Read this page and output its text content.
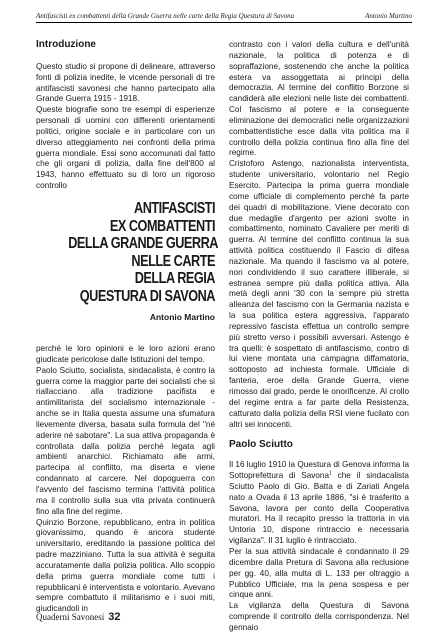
Antifascisti ex combattenti della Grande Guerra nelle carte della Regia Questura di Savona	Antonio Martino

Introduzione

Questo studio si propone di delineare, attraverso fonti di polizia inedite, le vicende personali di tre antifascisti savonesi che hanno partecipato alla Grande Guerra 1915 - 1918.

Queste biografie sono tre esempi di esperienze personali di uomini con differenti orientamenti politici, origine sociale e in particolare con un diverso atteggiamento nei confronti della prima guerra mondiale. Essi sono accomunati dal fatto che gli organi di polizia, dalla fine dell'800 al 1943, hanno effettuato su di loro un rigoroso controllo

ANTIFASCISTI
EX COMBATTENTI
DELLA GRANDE GUERRA
NELLE CARTE
DELLA REGIA
QUESTURA DI SAVONA
Antonio Martino

perché le loro opinioni e le loro azioni erano giudicate pericolose dalle Istituzioni del tempo.

Paolo Sciutto, socialista, sindacalista, è contro la guerra come la maggior parte dei socialisti che si riallacciano alla tradizione pacifista e antimilitarista del socialismo internazionale - anche se in Italia questa assume una sfumatura lievemente diversa, basata sulla formula del "né aderire né sabotare". La sua attiva propaganda è controllata dalla polizia perché legata agli ambienti anarchici. Richiamato alle armi, partecipa al conflitto, ma diserta e viene condannato al carcere. Nel dopoguerra con l'avvento del fascismo termina l'attività politica ma il controllo sulla sua vita privata continuerà fino alla fine del regime.

Quinzio Borzone, repubblicano, entra in politica giovanissimo, quando è ancora studente universitario, ereditando la passione politica del padre mazziniano. Tutta la sua attività è seguita accuratamente dalla polizia politica. Allo scoppio della prima guerra mondiale come tutti i repubblicani è interventista e volontario. Avevano sempre combattuto il militarismo e i suoi miti, giudicandoli in

contrasto con i valori della cultura e dell'unità nazionale, la politica di potenza e di sopraffazione, sostenendo che anche la politica estera va assoggettata ai principi della democrazia. Al termine del conflitto Borzone si candiderà alle elezioni nelle liste dei combattenti. Col fascismo al potere e la conseguente eliminazione dei democratici nelle organizzazioni combattentistiche esce dalla vita politica ma il controllo della polizia continua fino alla fine del regime.

Cristoforo Astengo, nazionalista interventista, studente universitario, volontario nel Regio Esercito. Partecipa la prima guerra mondiale come ufficiale di complemento perché fa parte dei quadri di mobilitazione. Viene decorato con due medaglie d'argento per azioni svolte in combattimento, nominato Cavaliere per meriti di guerra. Al termine del conflitto continua la sua attività politica costituendo il Fascio di difesa nazionale. Ma quando il fascismo va al potere, non condividendo il suo carattere illiberale, si estranea sempre più dalla politica attiva. Alla metà degli anni '30 con la sempre più stretta alleanza del fascismo con la Germania nazista e la sua politica estera aggressiva, l'apparato repressivo fascista effettua un controllo sempre più stretto verso i possibili avversari. Astengo è tra quelli: è sospettato di antifascismo, contro di lui viene montata una campagna diffamatoria, sottoposto ad inchiesta formale. Ufficiale di fanteria, eroe della Grande Guerra, viene rimosso dal grado, perde le onorificenze. Al crollo del regime entra a far parte della Resistenza, catturato dalla polizia della RSI viene fucilato con altri sei innocenti.

Paolo Sciutto

Il 16 luglio 1910 la Questura di Genova informa la Sottoprefettura di Savona$^1$ che il sindacalista Sciutto Paolo di Gio. Batta e di Zariati Angela nato a Ovada il 13 aprile 1886, "si è trasferito a Savona, lavora per conto della Cooperativa muratori. Ha il recapito presso la trattoria in via Untoria 10, dispone rintraccio e necessaria vigilanza". Il 31 luglio è rintracciato.

Per la sua attività sindacale è condannato il 29 dicembre dalla Pretura di Savona alla reclusione per gg. 40, alla multa di L. 133 per oltraggio a Pubblico Ufficiale, ma la pena sospesa e per cinque anni.

La vigilanza della Questura di Savona comprende il controllo della corrispondenza. Nel gennaio

Quaderni Savonesi 32
